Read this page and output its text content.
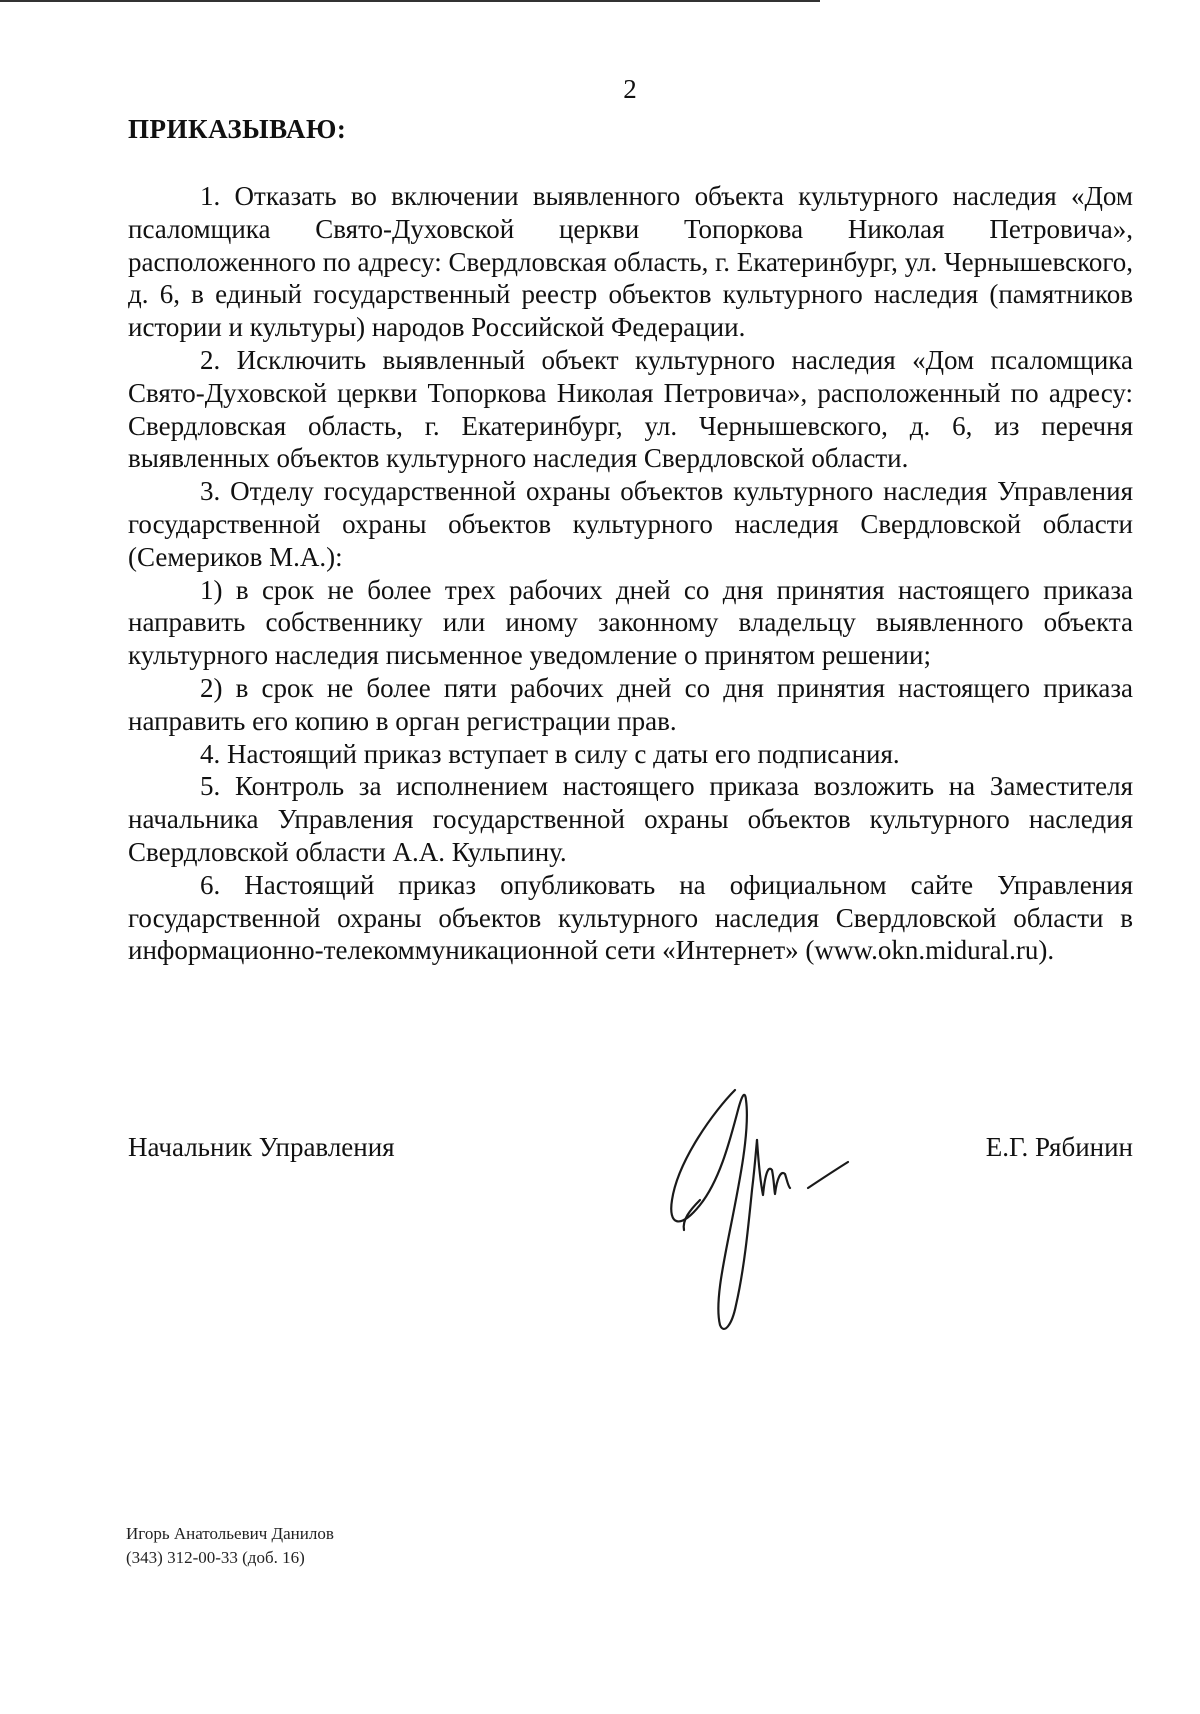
2
ПРИКАЗЫВАЮ:

1. Отказать во включении выявленного объекта культурного наследия «Дом псаломщика Свято-Духовской церкви Топоркова Николая Петровича», расположенного по адресу: Свердловская область, г. Екатеринбург, ул. Чернышевского, д. 6, в единый государственный реестр объектов культурного наследия (памятников истории и культуры) народов Российской Федерации.

2. Исключить выявленный объект культурного наследия «Дом псаломщика Свято-Духовской церкви Топоркова Николая Петровича», расположенный по адресу: Свердловская область, г. Екатеринбург, ул. Чернышевского, д. 6, из перечня выявленных объектов культурного наследия Свердловской области.

3. Отделу государственной охраны объектов культурного наследия Управления государственной охраны объектов культурного наследия Свердловской области (Семериков М.А.):

1) в срок не более трех рабочих дней со дня принятия настоящего приказа направить собственнику или иному законному владельцу выявленного объекта культурного наследия письменное уведомление о принятом решении;

2) в срок не более пяти рабочих дней со дня принятия настоящего приказа направить его копию в орган регистрации прав.

4. Настоящий приказ вступает в силу с даты его подписания.

5. Контроль за исполнением настоящего приказа возложить на Заместителя начальника Управления государственной охраны объектов культурного наследия Свердловской области А.А. Кульпину.

6. Настоящий приказ опубликовать на официальном сайте Управления государственной охраны объектов культурного наследия Свердловской области в информационно-телекоммуникационной сети «Интернет» (www.okn.midural.ru).

Начальник Управления	Е.Г. Рябинин
Игорь Анатольевич Данилов
(343) 312-00-33 (доб. 16)
